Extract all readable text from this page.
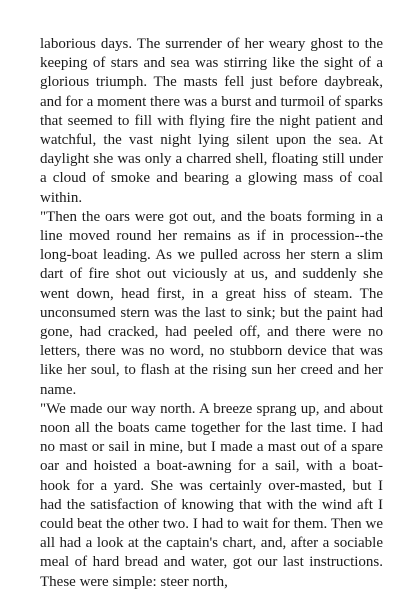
laborious days. The surrender of her weary ghost to the keeping of stars and sea was stirring like the sight of a glorious triumph. The masts fell just before daybreak, and for a moment there was a burst and turmoil of sparks that seemed to fill with flying fire the night patient and watchful, the vast night lying silent upon the sea. At daylight she was only a charred shell, floating still under a cloud of smoke and bearing a glowing mass of coal within.

"Then the oars were got out, and the boats forming in a line moved round her remains as if in procession--the long-boat leading. As we pulled across her stern a slim dart of fire shot out viciously at us, and suddenly she went down, head first, in a great hiss of steam. The unconsumed stern was the last to sink; but the paint had gone, had cracked, had peeled off, and there were no letters, there was no word, no stubborn device that was like her soul, to flash at the rising sun her creed and her name.

"We made our way north. A breeze sprang up, and about noon all the boats came together for the last time. I had no mast or sail in mine, but I made a mast out of a spare oar and hoisted a boat-awning for a sail, with a boat-hook for a yard. She was certainly over-masted, but I had the satisfaction of knowing that with the wind aft I could beat the other two. I had to wait for them. Then we all had a look at the captain's chart, and, after a sociable meal of hard bread and water, got our last instructions. These were simple: steer north,
